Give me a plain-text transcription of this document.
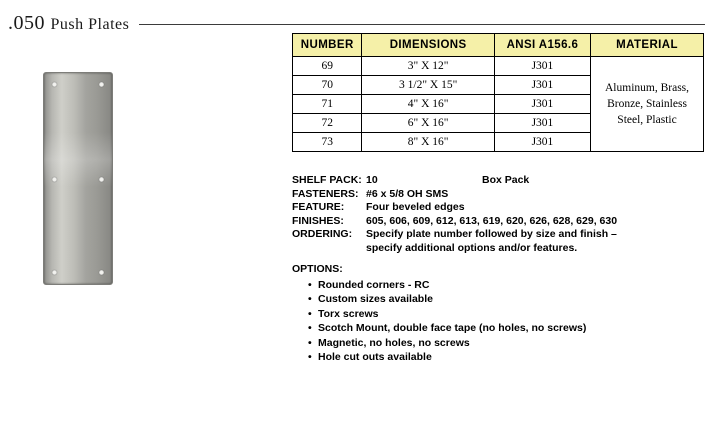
.050 Push Plates
NUMBER	DIMENSIONS	ANSI A156.6	MATERIAL
69	3" X 12"	J301	Aluminum, Brass, Bronze, Stainless Steel, Plastic
70	3 1/2" X 15"	J301	
71	4" X 16"	J301	
72	6" X 16"	J301	
73	8" X 16"	J301	
SHELF PACK: 10	Box Pack
FASTENERS: #6 x 5/8 OH SMS
FEATURE:	Four beveled edges
FINISHES:	605, 606, 609, 612, 613, 619, 620, 626, 628, 629, 630
ORDERING:	Specify plate number followed by size and finish –
specify additional options and/or features.
OPTIONS:
• Rounded corners - RC
• Custom sizes available
• Torx screws
• Scotch Mount, double face tape (no holes, no screws)
• Magnetic, no holes, no screws
• Hole cut outs available
